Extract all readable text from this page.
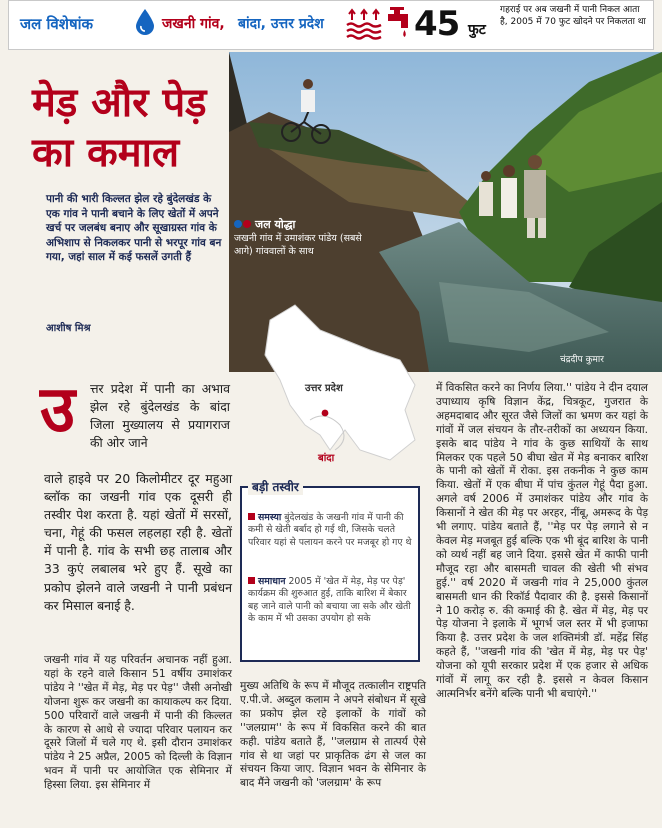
जल विशेषांक	जखनी गांव, बांदा, उत्तर प्रदेश	45 फुट
गहराई पर अब जखनी में पानी निकल आता है, 2005 में 70 फुट खोदने पर निकलता था
जल योद्धा
जखनी गांव में उमाशंकर पांडेय (सबसे आगे) गांववालों के साथ
चंद्रदीप कुमार
मेड़ और पेड़ का कमाल
पानी की भारी किल्लत झेल रहे बुंदेलखंड के एक गांव ने पानी बचाने के लिए खेतों में अपने खर्च पर जलबंध बनाए और सूखाग्रस्त गांव के अभिशाप से निकलकर पानी से भरपूर गांव बन गया, जहां साल में कई फसलें उगती हैं
आशीष मिश्र
उत्तर प्रदेश
बांदा
उ त्तर प्रदेश में पानी का अभाव झेल रहे बुंदेलखंड के बांदा जिला मुख्यालय से प्रयागराज की ओर जाने
वाले हाइवे पर 20 किलोमीटर दूर महुआ ब्लॉक का जखनी गांव एक दूसरी ही तस्वीर पेश करता है. यहां खेतों में सरसों, चना, गेहूं की फसल लहलहा रही है. खेतों में पानी है. गांव के सभी छह तालाब और 33 कुएं लबालब भरे हुए हैं. सूखे का प्रकोप झेलने वाले जखनी ने पानी प्रबंधन कर मिसाल बनाई है.
जखनी गांव में यह परिवर्तन अचानक नहीं हुआ. यहां के रहने वाले किसान 51 वर्षीय उमाशंकर पांडेय ने ''खेत में मेड़, मेड़ पर पेड़'' जैसी अनोखी योजना शुरू कर जखनी का कायाकल्प कर दिया. 500 परिवारों वाले जखनी में पानी की किल्लत के कारण से आधे से ज्यादा परिवार पलायन कर दूसरे जिलों में चले गए थे. इसी दौरान उमाशंकर पांडेय ने 25 अप्रैल, 2005 को दिल्ली के विज्ञान भवन में पानी पर आयोजित एक सेमिनार में हिस्सा लिया. इस सेमिनार में
मुख्य अतिथि के रूप में मौजूद तत्कालीन राष्ट्रपति ए.पी.जे. अब्दुल कलाम ने अपने संबोधन में सूखे का प्रकोप झेल रहे इलाकों के गांवों को ''जलग्राम'' के रूप में विकसित करने की बात कही. पांडेय बताते हैं, ''जलग्राम से तात्पर्य ऐसे गांव से था जहां पर प्राकृतिक ढंग से जल का संचयन किया जाए. विज्ञान भवन के सेमिनार के बाद मैंने जखनी को 'जलग्राम' के रूप
में विकसित करने का निर्णय लिया.'' पांडेय ने दीन दयाल उपाध्याय कृषि विज्ञान केंद्र, चित्रकूट, गुजरात के अहमदाबाद और सूरत जैसे जिलों का भ्रमण कर यहां के गांवों में जल संचयन के तौर-तरीकों का अध्ययन किया. इसके बाद पांडेय ने गांव के कुछ साथियों के साथ मिलकर एक पहले 50 बीघा खेत में मेड़ बनाकर बारिश के पानी को खेतों में रोका. इस तकनीक ने कुछ काम किया. खेतों में एक बीघा में पांच कुंतल गेहूं पैदा हुआ. अगले वर्ष 2006 में उमाशंकर पांडेय और गांव के किसानों ने खेत की मेड़ पर अरहर, नींबू, अमरूद के पेड़ भी लगाए. पांडेय बताते हैं, ''मेड़ पर पेड़ लगाने से न केवल मेड़ मजबूत हुई बल्कि एक भी बूंद बारिश के पानी को व्यर्थ नहीं बह जाने दिया. इससे खेत में काफी पानी मौजूद रहा और बासमती चावल की खेती भी संभव हुई.'' वर्ष 2020 में जखनी गांव ने 25,000 कुंतल बासमती धान की रिकॉर्ड पैदावार की है. इससे किसानों ने 10 करोड़ रु. की कमाई की है. खेत में मेड़, मेड़ पर पेड़ योजना ने इलाके में भूगर्भ जल स्तर में भी इजाफा किया है. उत्तर प्रदेश के जल शक्तिमंत्री डॉ. महेंद्र सिंह कहते हैं, ''जखनी गांव की 'खेत में मेड़, मेड़ पर पेड़' योजना को यूपी सरकार प्रदेश में एक हजार से अधिक गांवों में लागू कर रही है. इससे न केवल किसान आत्मनिर्भर बनेंगे बल्कि पानी भी बचाएंगे.''
बड़ी तस्वीर
समस्या बुंदेलखंड के जखनी गांव में पानी की कमी से खेती बर्बाद हो गई थी, जिसके चलते परिवार यहां से पलायन करने पर मजबूर हो गए थे
समाधान 2005 में 'खेत में मेड़, मेड़ पर पेड़' कार्यक्रम की शुरुआत हुई, ताकि बारिश में बेकार बह जाने वाले पानी को बचाया जा सके और खेती के काम में भी उसका उपयोग हो सके
